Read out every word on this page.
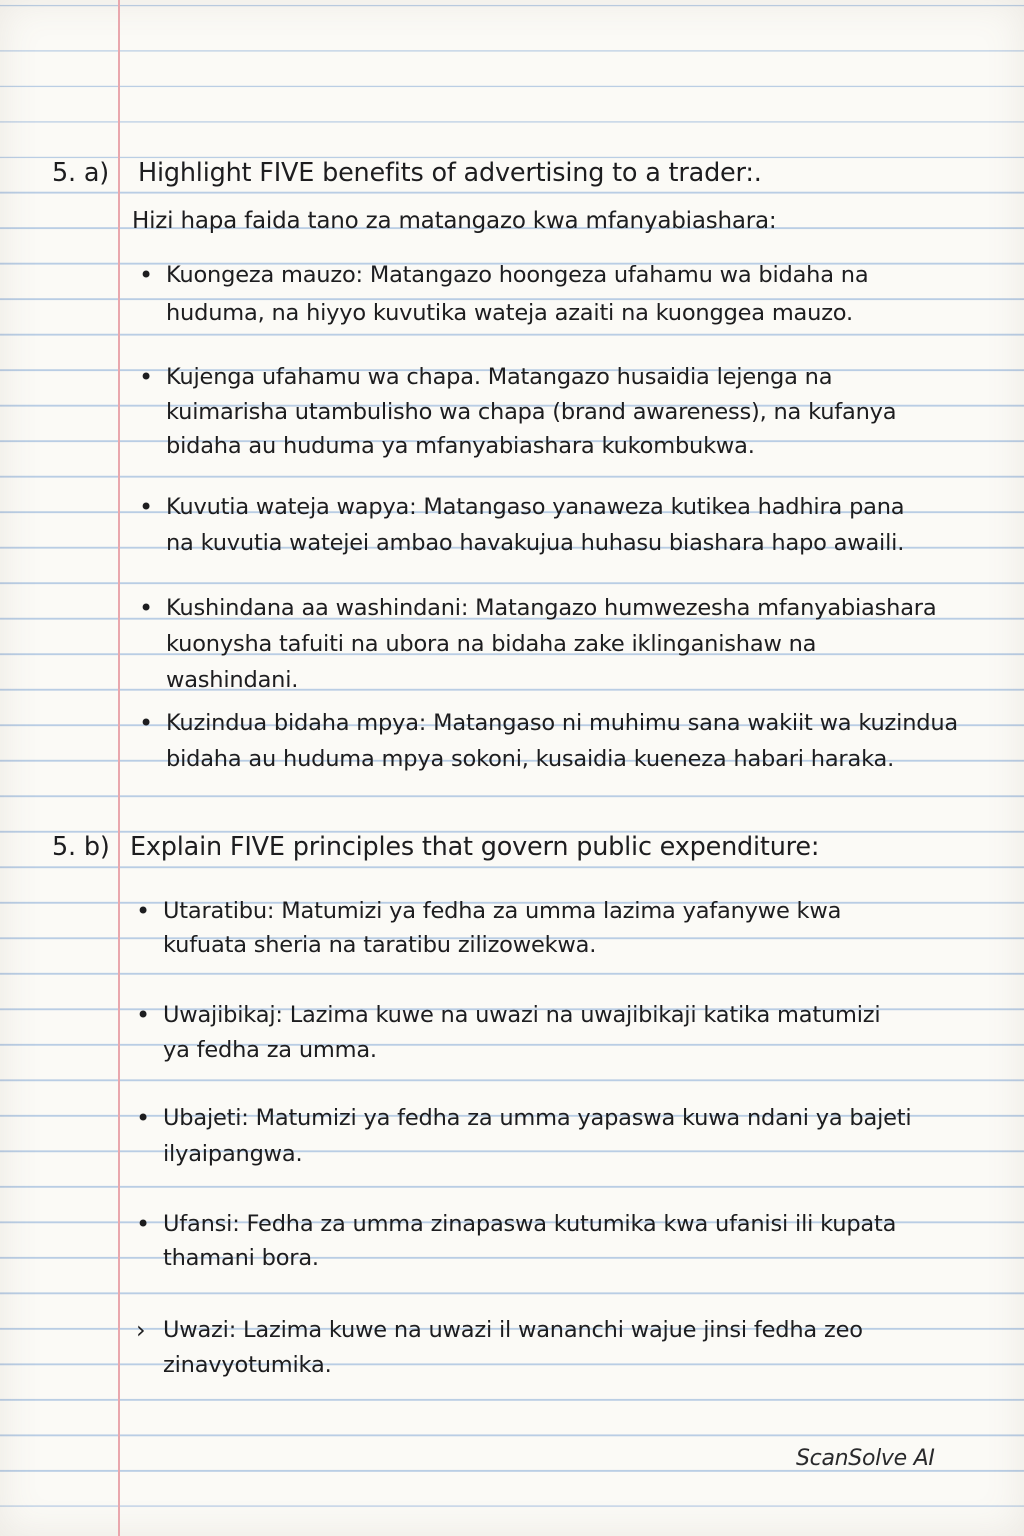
5. a) Highlight FIVE benefits of advertising to a trader:.

Hizi hapa faida tano za matangazo kwa mfanyabiashara:

• Kuongeza mauzo: Matangazo hoongeza ufahamu wa bidaha na

huduma, na hiyyo kuvutika wateja azaiti na kuonggea mauzo.

• Kujenga ufahamu wa chapa. Matangazo husaidia lejenga na

kuimarisha utambulisho wa chapa (brand awareness), na kufanya

bidaha au huduma ya mfanyabiashara kukombukwa.

• Kuvutia wateja wapya: Matangaso yanaweza kutikea hadhira pana

na kuvutia watejei ambao havakujua huhasu biashara hapo awaili.

• Kushindana aa washindani: Matangazo humwezesha mfanyabiashara

kuonysha tafuiti na ubora na bidaha zake iklinganishaw na

washindani.

• Kuzindua bidaha mpya: Matangaso ni muhimu sana wakiit wa kuzindua

bidaha au huduma mpya sokoni, kusaidia kueneza habari haraka.

5. b) Explain FIVE principles that govern public expenditure:

• Utaratibu: Matumizi ya fedha za umma lazima yafanywe kwa

kufuata sheria na taratibu zilizowekwa.

• Uwajibikaj: Lazima kuwe na uwazi na uwajibikaji katika matumizi

ya fedha za umma.

• Ubajeti: Matumizi ya fedha za umma yapaswa kuwa ndani ya bajeti

ilyaipangwa.

• Ufansi: Fedha za umma zinapaswa kutumika kwa ufanisi ili kupata

thamani bora.

› Uwazi: Lazima kuwe na uwazi il wananchi wajue jinsi fedha zeo

zinavyotumika.

ScanSolve AI
